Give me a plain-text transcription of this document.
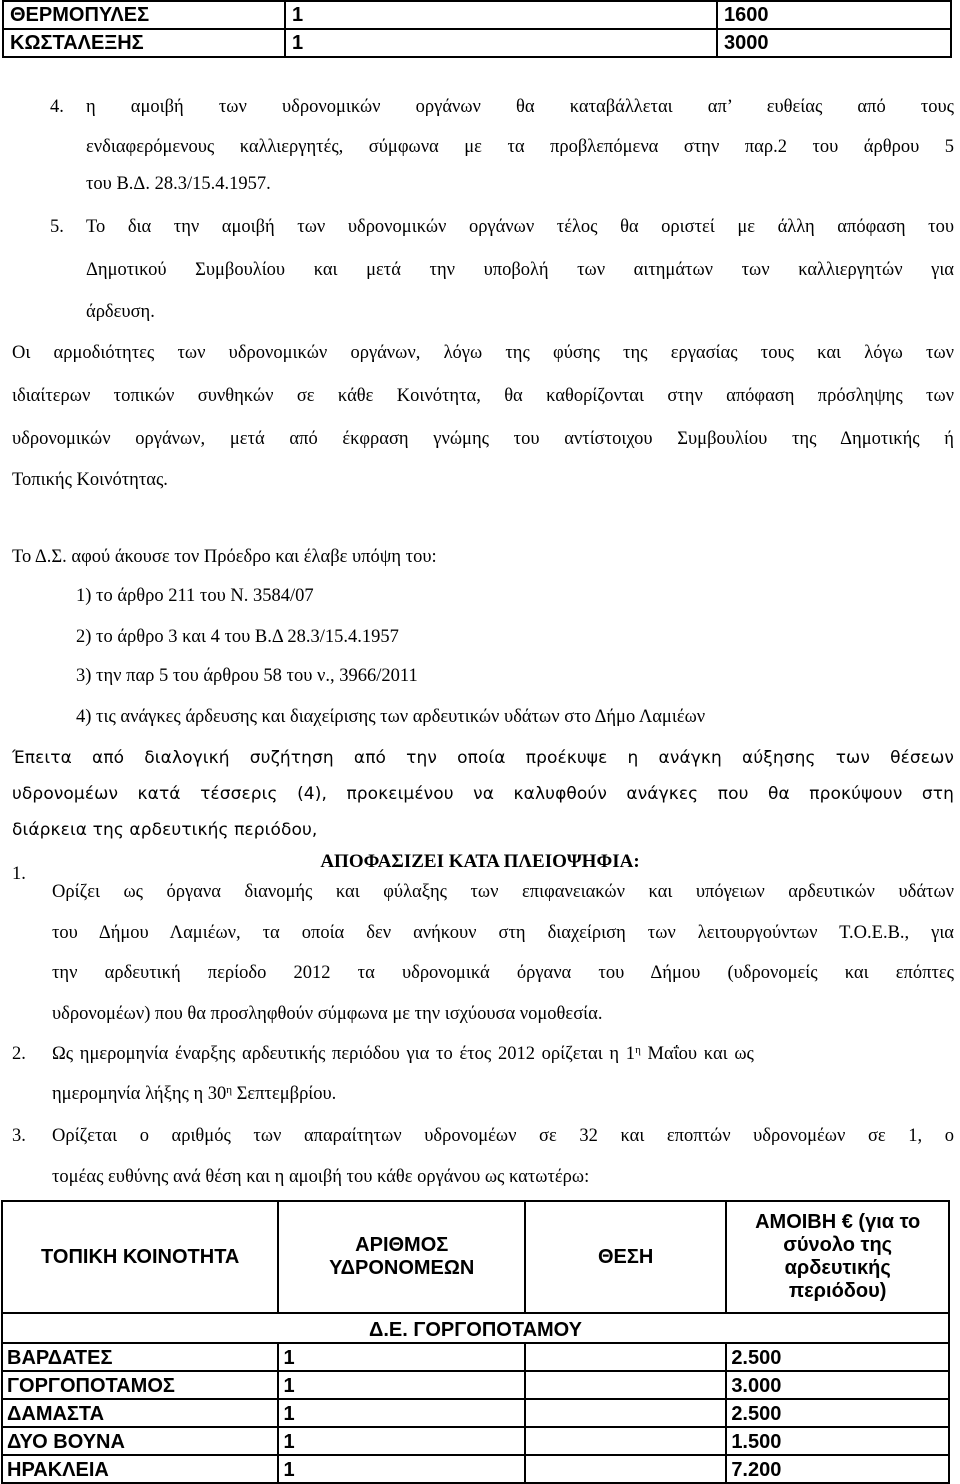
ΘΕΡΜΟΠΥΛΕΣ	1	1600
ΚΩΣΤΑΛΕΞΗΣ	1	3000
4. η αμοιβή των υδρονομικών οργάνων θα καταβάλλεται απ’ ευθείας από τους
ενδιαφερόμενους καλλιεργητές, σύμφωνα με τα προβλεπόμενα στην παρ.2 του άρθρου 5
του Β.Δ. 28.3/15.4.1957.
5. Το δια την αμοιβή των υδρονομικών οργάνων τέλος θα οριστεί με άλλη απόφαση του
Δημοτικού Συμβουλίου και μετά την υποβολή των αιτημάτων των καλλιεργητών για
άρδευση.
Οι αρμοδιότητες των υδρονομικών οργάνων, λόγω της φύσης της εργασίας τους και λόγω των
ιδιαίτερων τοπικών συνθηκών σε κάθε Κοινότητα, θα καθορίζονται στην απόφαση πρόσληψης των
υδρονομικών οργάνων, μετά από έκφραση γνώμης του αντίστοιχου Συμβουλίου της Δημοτικής ή
Τοπικής Κοινότητας.
Το Δ.Σ. αφού άκουσε τον Πρόεδρο και έλαβε υπόψη του:
1) το άρθρο 211 του Ν. 3584/07
2) το άρθρο 3 και 4 του Β.Δ 28.3/15.4.1957
3) την παρ 5 του άρθρου 58 του ν., 3966/2011
4) τις ανάγκες άρδευσης και διαχείρισης των αρδευτικών υδάτων στο Δήμο Λαμιέων
Έπειτα από διαλογική συζήτηση από την οποία προέκυψε η ανάγκη αύξησης των θέσεων
υδρονομέων κατά τέσσερις (4), προκειμένου να καλυφθούν ανάγκες που θα προκύψουν στη
διάρκεια της αρδευτικής περιόδου,
ΑΠΟΦΑΣΙΖΕΙ ΚΑΤΑ ΠΛΕΙΟΨΗΦΙΑ:
1.
Ορίζει ως όργανα διανομής και φύλαξης των επιφανειακών και υπόγειων αρδευτικών υδάτων
του Δήμου Λαμιέων, τα οποία δεν ανήκουν στη διαχείριση των λειτουργούντων Τ.Ο.Ε.Β., για
την αρδευτική περίοδο 2012 τα υδρονομικά όργανα του Δήμου (υδρονομείς και επόπτες
υδρονομέων) που θα προσληφθούν σύμφωνα με την ισχύουσα νομοθεσία.
2. Ως ημερομηνία έναρξης αρδευτικής περιόδου για το έτος 2012 ορίζεται η $1^\eta$ Μαΐου και ως
ημερομηνία λήξης η $30^\eta$ Σεπτεμβρίου.
3. Ορίζεται ο αριθμός των απαραίτητων υδρονομέων σε 32 και εποπτών υδρονομέων σε 1, ο
τομέας ευθύνης ανά θέση και η αμοιβή του κάθε οργάνου ως κατωτέρω:
ΤΟΠΙΚΗ ΚΟΙΝΟΤΗΤΑ	ΑΡΙΘΜΟΣ ΥΔΡΟΝΟΜΕΩΝ	ΘΕΣΗ	ΑΜΟΙΒΗ € (για το σύνολο της αρδευτικής περιόδου)
Δ.Ε. ΓΟΡΓΟΠΟΤΑΜΟΥ			
ΒΑΡΔΑΤΕΣ	1		2.500
ΓΟΡΓΟΠΟΤΑΜΟΣ	1		3.000
ΔΑΜΑΣΤΑ	1		2.500
ΔΥΟ ΒΟΥΝΑ	1		1.500
ΗΡΑΚΛΕΙΑ	1		7.200
